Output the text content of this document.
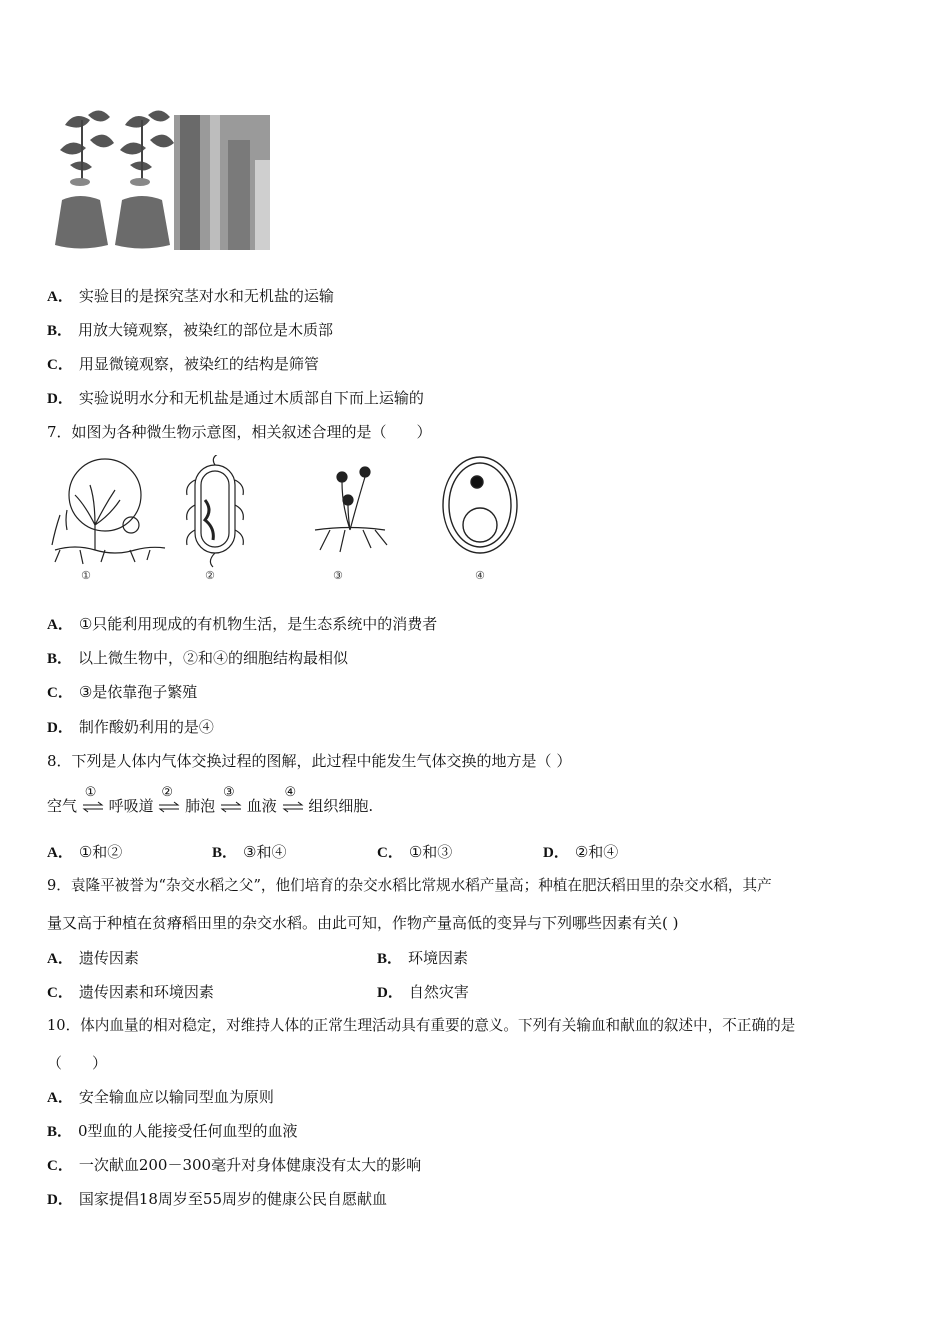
A． 实验目的是探究茎对水和无机盐的运输
B． 用放大镜观察，被染红的部位是木质部
C． 用显微镜观察，被染红的结构是筛管
D． 实验说明水分和无机盐是通过木质部自下而上运输的
7．如图为各种微生物示意图，相关叙述合理的是（　　）
①	②	③	④
A． ①只能利用现成的有机物生活，是生态系统中的消费者
B． 以上微生物中，②和④的细胞结构最相似
C． ③是依靠孢子繁殖
D． 制作酸奶利用的是④
8．下列是人体内气体交换过程的图解，此过程中能发生气体交换的地方是（ ）
空气
①
呼吸道
②
肺泡
③
血液
④
组织细胞.
A． ①和②	B． ③和④	C． ①和③	D． ②和④
9．袁隆平被誉为“杂交水稻之父”，他们培育的杂交水稻比常规水稻产量高；种植在肥沃稻田里的杂交水稻，其产
量又高于种植在贫瘠稻田里的杂交水稻。由此可知，作物产量高低的变异与下列哪些因素有关( )
A． 遗传因素	B． 环境因素
C． 遗传因素和环境因素	D． 自然灾害
10．体内血量的相对稳定，对维持人体的正常生理活动具有重要的意义。下列有关输血和献血的叙述中，不正确的是
（　　）
A． 安全输血应以输同型血为原则
B． 0型血的人能接受任何血型的血液
C． 一次献血200－300毫升对身体健康没有太大的影响
D． 国家提倡18周岁至55周岁的健康公民自愿献血
